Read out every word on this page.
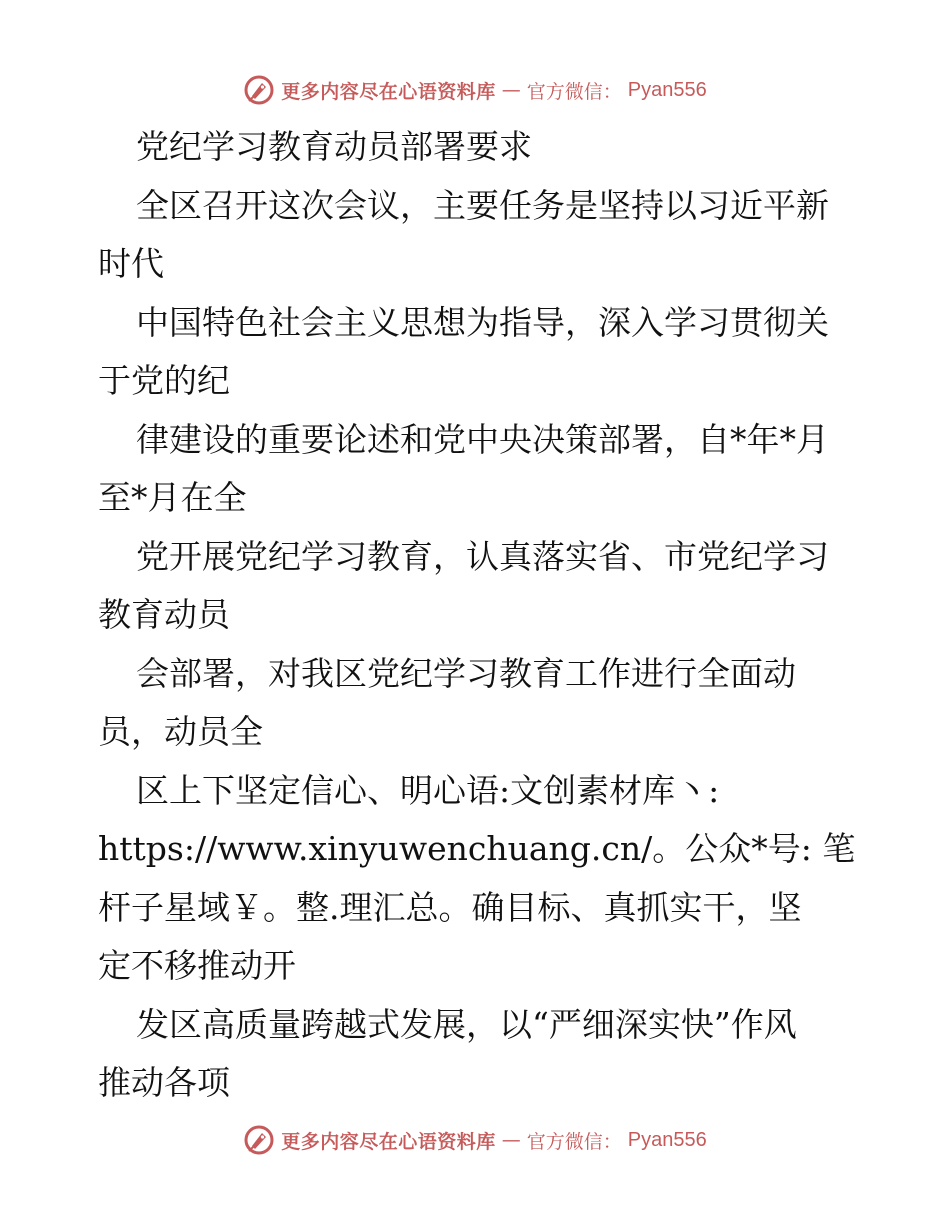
更多内容尽在心语资料库 — 官方微信： Pyan556
党纪学习教育动员部署要求
全区召开这次会议，主要任务是坚持以习近平新
时代
中国特色社会主义思想为指导，深入学习贯彻关
于党的纪
律建设的重要论述和党中央决策部署，自*年*月
至*月在全
党开展党纪学习教育，认真落实省、市党纪学习
教育动员
会部署，对我区党纪学习教育工作进行全面动
员，动员全
区上下坚定信心、明心语:文创素材库丶:
https://www.xinyuwenchuang.cn/。公众*号: 笔
杆子星域￥。整.理汇总。确目标、真抓实干，坚
定不移推动开
发区高质量跨越式发展，以“严细深实快”作风
推动各项
更多内容尽在心语资料库 — 官方微信： Pyan556
